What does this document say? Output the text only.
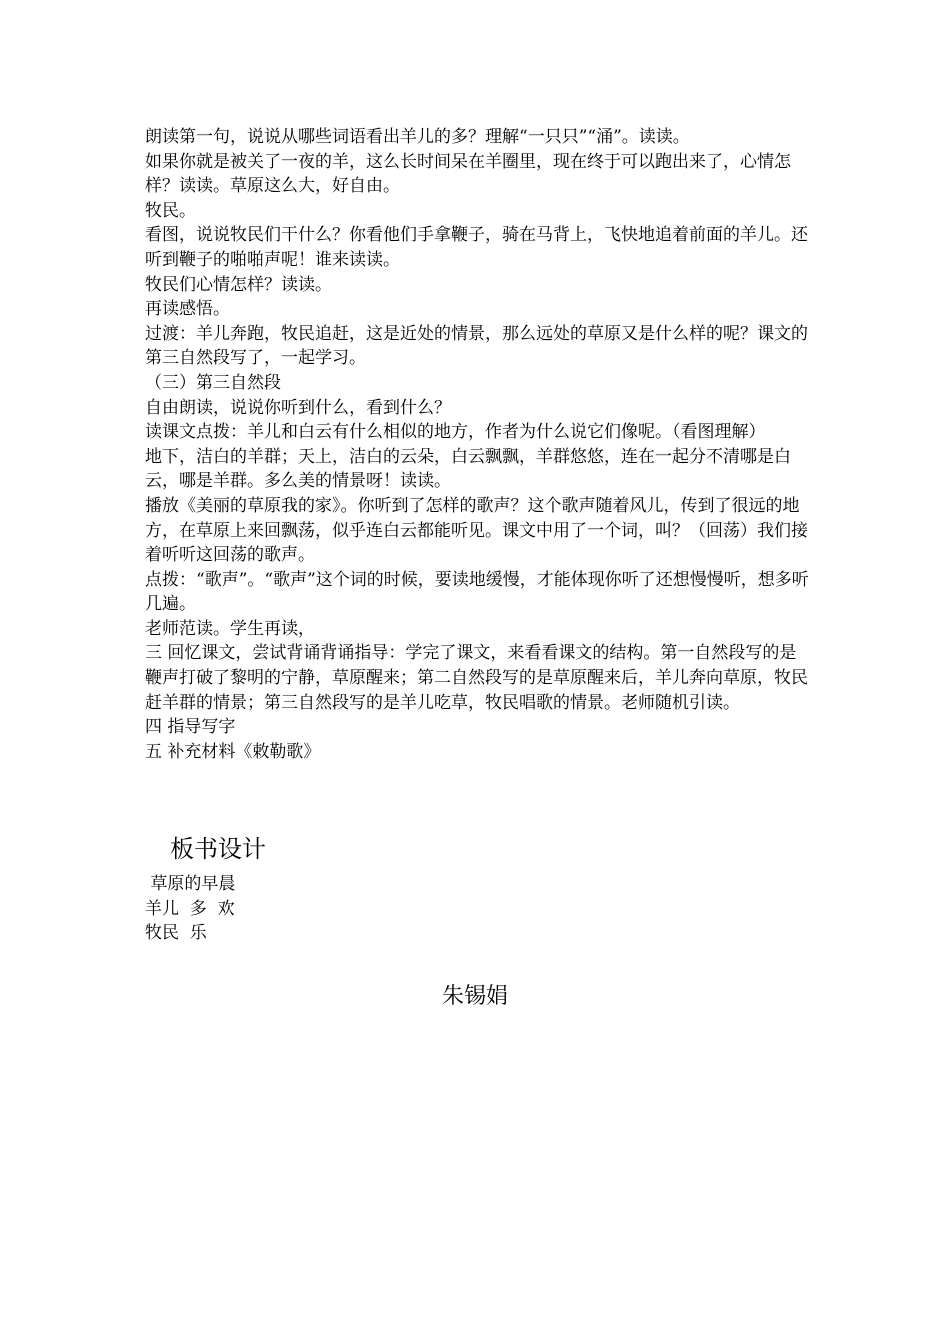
朗读第一句，说说从哪些词语看出羊儿的多？理解“一只只”“涌”。读读。

如果你就是被关了一夜的羊，这么长时间呆在羊圈里，现在终于可以跑出来了，心情怎样？读读。草原这么大，好自由。

牧民。

看图，说说牧民们干什么？你看他们手拿鞭子，骑在马背上，飞快地追着前面的羊儿。还听到鞭子的啪啪声呢！谁来读读。

牧民们心情怎样？读读。

再读感悟。

过渡：羊儿奔跑，牧民追赶，这是近处的情景，那么远处的草原又是什么样的呢？课文的第三自然段写了，一起学习。

（三）第三自然段

自由朗读，说说你听到什么，看到什么？

读课文点拨：羊儿和白云有什么相似的地方，作者为什么说它们像呢。（看图理解）

地下，洁白的羊群；天上，洁白的云朵，白云飘飘，羊群悠悠，连在一起分不清哪是白云，哪是羊群。多么美的情景呀！读读。

播放《美丽的草原我的家》。你听到了怎样的歌声？这个歌声随着风儿，传到了很远的地方，在草原上来回飘荡，似乎连白云都能听见。课文中用了一个词，叫？（回荡）我们接着听听这回荡的歌声。

点拨：“歌声”。“歌声”这个词的时候，要读地缓慢，才能体现你听了还想慢慢听，想多听几遍。

老师范读。学生再读，

三 回忆课文，尝试背诵背诵指导：学完了课文，来看看课文的结构。第一自然段写的是鞭声打破了黎明的宁静，草原醒来；第二自然段写的是草原醒来后，羊儿奔向草原，牧民赶羊群的情景；第三自然段写的是羊儿吃草，牧民唱歌的情景。老师随机引读。

四 指导写字

五 补充材料《敕勒歌》

板书设计

草原的早晨

羊儿  多  欢

牧民  乐

朱锡娟
